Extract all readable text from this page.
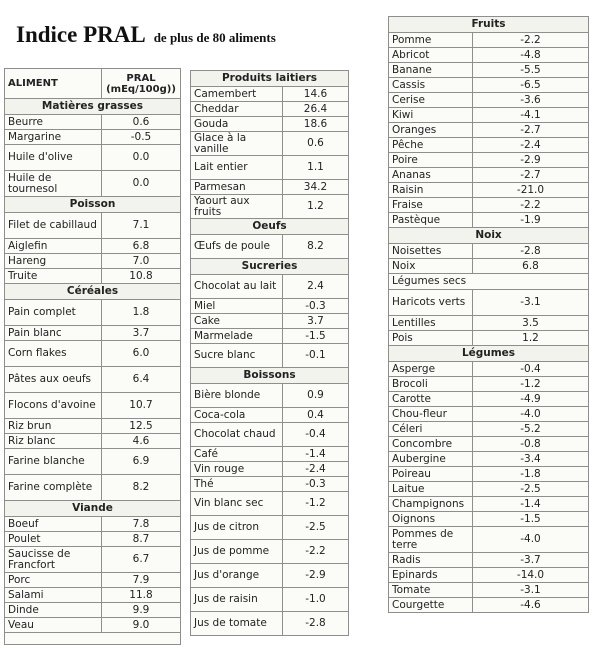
Indice PRAL de plus de 80 aliments
ALIMENT	PRAL
(mEq/100g))

Matières grasses	
Beurre	0.6
Margarine	-0.5
Huile d'olive	0.0
Huile de tournesol	0.0
Poisson	
Filet de cabillaud	7.1
Aiglefin	6.8
Hareng	7.0
Truite	10.8
Céréales	
Pain complet	1.8
Pain blanc	3.7
Corn flakes	6.0
Pâtes aux oeufs	6.4
Flocons d'avoine	10.7
Riz brun	12.5
Riz blanc	4.6
Farine blanche	6.9
Farine complète	8.2
Viande	
Boeuf	7.8
Poulet	8.7
Saucisse de Francfort	6.7
Porc	7.9
Salami	11.8
Dinde	9.9
Veau	9.0

Produits laitiers	
Camembert	14.6
Cheddar	26.4
Gouda	18.6
Glace à la vanille	0.6
Lait entier	1.1
Parmesan	34.2
Yaourt aux fruits	1.2
Oeufs	
Œufs de poule	8.2
Sucreries	
Chocolat au lait	2.4
Miel	-0.3
Cake	3.7
Marmelade	-1.5
Sucre blanc	-0.1
Boissons	
Bière blonde	0.9
Coca-cola	0.4
Chocolat chaud	-0.4
Café	-1.4
Vin rouge	-2.4
Thé	-0.3
Vin blanc sec	-1.2
Jus de citron	-2.5
Jus de pomme	-2.2
Jus d'orange	-2.9
Jus de raisin	-1.0
Jus de tomate	-2.8
Fruits	
Pomme	-2.2
Abricot	-4.8
Banane	-5.5
Cassis	-6.5
Cerise	-3.6
Kiwi	-4.1
Oranges	-2.7
Pêche	-2.4
Poire	-2.9
Ananas	-2.7
Raisin	-21.0
Fraise	-2.2
Pastèque	-1.9
Noix	
Noisettes	-2.8
Noix	6.8
Légumes secs	
Haricots verts	-3.1
Lentilles	3.5
Pois	1.2
Légumes	
Asperge	-0.4
Brocoli	-1.2
Carotte	-4.9
Chou-fleur	-4.0
Céleri	-5.2
Concombre	-0.8
Aubergine	-3.4
Poireau	-1.8
Laitue	-2.5
Champignons	-1.4
Oignons	-1.5
Pommes de terre	-4.0
Radis	-3.7
Epinards	-14.0
Tomate	-3.1
Courgette	-4.6
